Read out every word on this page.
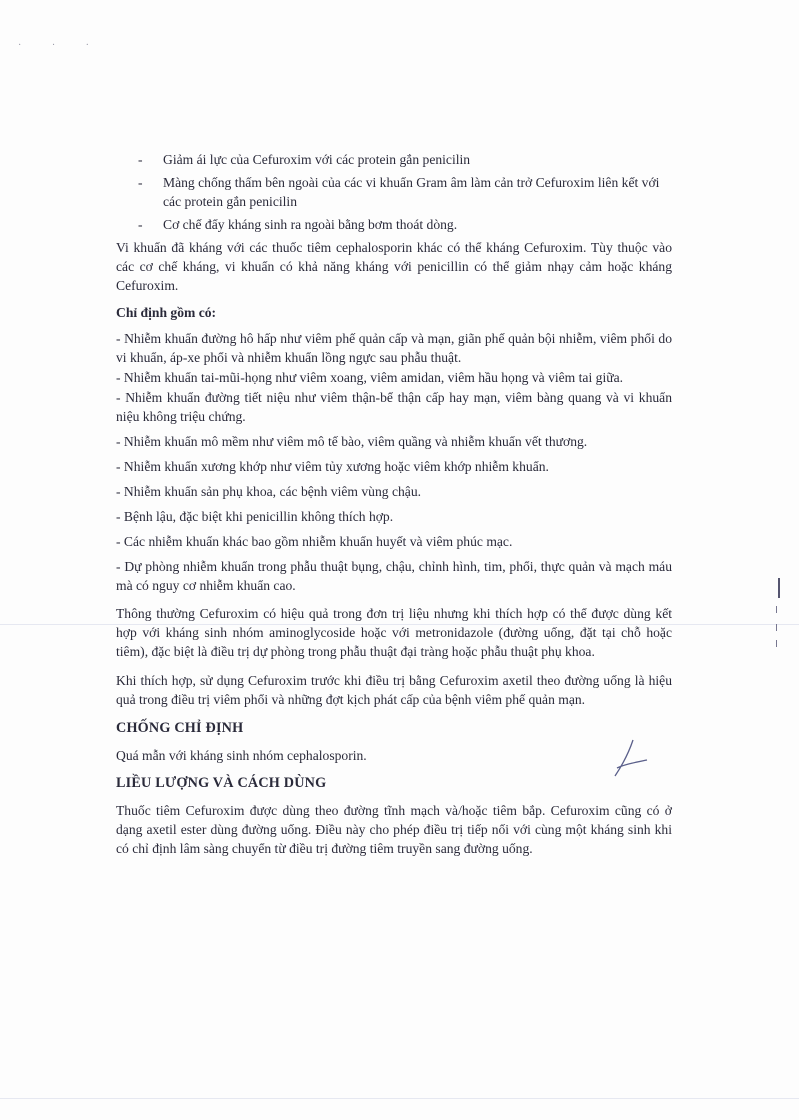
· · ·
- Giảm ái lực của Cefuroxim với các protein gắn penicilin
- Màng chống thấm bên ngoài của các vi khuẩn Gram âm làm cản trở Cefuroxim liên kết với các protein gắn penicilin
- Cơ chế đẩy kháng sinh ra ngoài bằng bơm thoát dòng.

Vi khuẩn đã kháng với các thuốc tiêm cephalosporin khác có thể kháng Cefuroxim. Tùy thuộc vào các cơ chế kháng, vi khuẩn có khả năng kháng với penicillin có thể giảm nhạy cảm hoặc kháng Cefuroxim.

Chỉ định gồm có:
- Nhiễm khuẩn đường hô hấp như viêm phế quản cấp và mạn, giãn phế quản bội nhiễm, viêm phổi do vi khuẩn, áp-xe phổi và nhiễm khuẩn lồng ngực sau phẫu thuật.
- Nhiễm khuẩn tai-mũi-họng như viêm xoang, viêm amidan, viêm hầu họng và viêm tai giữa.
- Nhiễm khuẩn đường tiết niệu như viêm thận-bể thận cấp hay mạn, viêm bàng quang và vi khuẩn niệu không triệu chứng.
- Nhiễm khuẩn mô mềm như viêm mô tế bào, viêm quầng và nhiễm khuẩn vết thương.
- Nhiễm khuẩn xương khớp như viêm tủy xương hoặc viêm khớp nhiễm khuẩn.
- Nhiễm khuẩn sản phụ khoa, các bệnh viêm vùng chậu.
- Bệnh lậu, đặc biệt khi penicillin không thích hợp.
- Các nhiễm khuẩn khác bao gồm nhiễm khuẩn huyết và viêm phúc mạc.
- Dự phòng nhiễm khuẩn trong phẫu thuật bụng, chậu, chỉnh hình, tim, phổi, thực quản và mạch máu mà có nguy cơ nhiễm khuẩn cao.

Thông thường Cefuroxim có hiệu quả trong đơn trị liệu nhưng khi thích hợp có thể được dùng kết hợp với kháng sinh nhóm aminoglycoside hoặc với metronidazole (đường uống, đặt tại chỗ hoặc tiêm), đặc biệt là điều trị dự phòng trong phẫu thuật đại tràng hoặc phẫu thuật phụ khoa.

Khi thích hợp, sử dụng Cefuroxim trước khi điều trị bằng Cefuroxim axetil theo đường uống là hiệu quả trong điều trị viêm phổi và những đợt kịch phát cấp của bệnh viêm phế quản mạn.

CHỐNG CHỈ ĐỊNH

Quá mẫn với kháng sinh nhóm cephalosporin.

LIỀU LƯỢNG VÀ CÁCH DÙNG

Thuốc tiêm Cefuroxim được dùng theo đường tĩnh mạch và/hoặc tiêm bắp. Cefuroxim cũng có ở dạng axetil ester dùng đường uống. Điều này cho phép điều trị tiếp nối với cùng một kháng sinh khi có chỉ định lâm sàng chuyển từ điều trị đường tiêm truyền sang đường uống.
